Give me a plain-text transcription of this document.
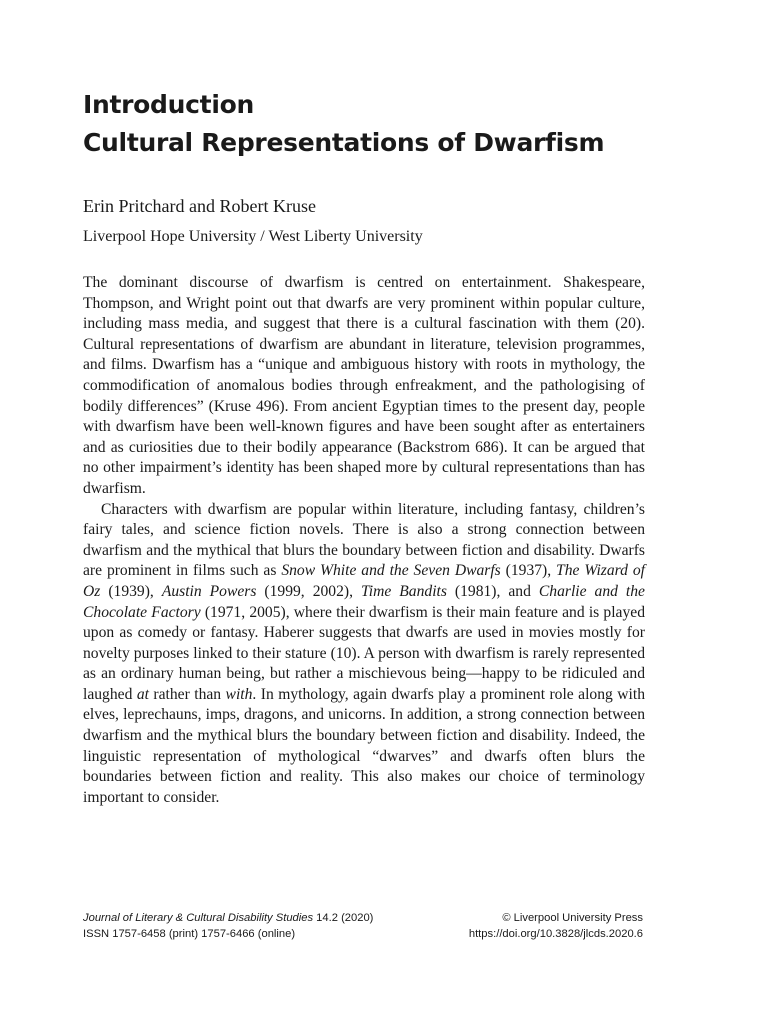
Introduction
Cultural Representations of Dwarfism

Erin Pritchard and Robert Kruse

Liverpool Hope University / West Liberty University

The dominant discourse of dwarfism is centred on entertainment. Shakespeare, Thompson, and Wright point out that dwarfs are very prominent within popular culture, including mass media, and suggest that there is a cultural fascination with them (20). Cultural representations of dwarfism are abundant in literature, television programmes, and films. Dwarfism has a “unique and ambiguous history with roots in mythology, the commodification of anomalous bodies through enfreakment, and the pathologising of bodily differences” (Kruse 496). From ancient Egyptian times to the present day, people with dwarfism have been well-known figures and have been sought after as entertainers and as curiosities due to their bodily appearance (Backstrom 686). It can be argued that no other impairment’s identity has been shaped more by cultural representations than has dwarfism.

Characters with dwarfism are popular within literature, including fantasy, children’s fairy tales, and science fiction novels. There is also a strong connection between dwarfism and the mythical that blurs the boundary between fiction and disability. Dwarfs are prominent in films such as Snow White and the Seven Dwarfs (1937), The Wizard of Oz (1939), Austin Powers (1999, 2002), Time Bandits (1981), and Charlie and the Chocolate Factory (1971, 2005), where their dwarfism is their main feature and is played upon as comedy or fantasy. Haberer suggests that dwarfs are used in movies mostly for novelty purposes linked to their stature (10). A person with dwarfism is rarely represented as an ordinary human being, but rather a mischievous being—happy to be ridiculed and laughed at rather than with. In mythology, again dwarfs play a prominent role along with elves, leprechauns, imps, dragons, and unicorns. In addition, a strong connection between dwarfism and the mythical blurs the boundary between fiction and disability. Indeed, the linguistic representation of mythological “dwarves” and dwarfs often blurs the boundaries between fiction and reality. This also makes our choice of terminology important to consider.

Journal of Literary & Cultural Disability Studies 14.2 (2020)	© Liverpool University Press
ISSN 1757-6458 (print) 1757-6466 (online)	https://doi.org/10.3828/jlcds.2020.6
